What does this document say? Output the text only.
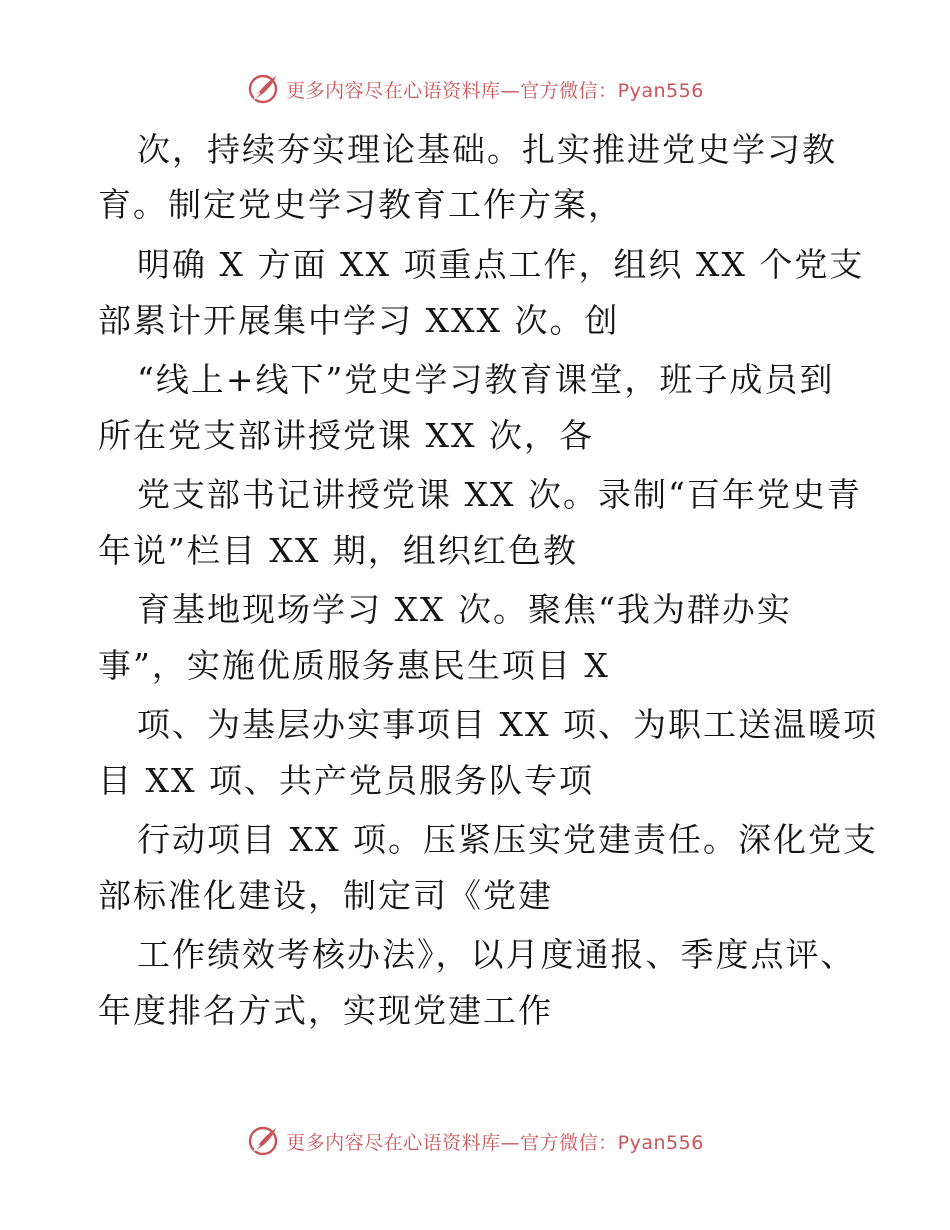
更多内容尽在心语资料库—官方微信：Pyan556
次，持续夯实理论基础。扎实推进党史学习教
育。制定党史学习教育工作方案，
明确 X 方面 XX 项重点工作，组织 XX 个党支
部累计开展集中学习 XXX 次。创
“线上+线下”党史学习教育课堂，班子成员到
所在党支部讲授党课 XX 次，各
党支部书记讲授党课 XX 次。录制“百年党史青
年说”栏目 XX 期，组织红色教
育基地现场学习 XX 次。聚焦“我为群办实
事”，实施优质服务惠民生项目 X
项、为基层办实事项目 XX 项、为职工送温暖项
目 XX 项、共产党员服务队专项
行动项目 XX 项。压紧压实党建责任。深化党支
部标准化建设，制定司《党建
工作绩效考核办法》，以月度通报、季度点评、
年度排名方式，实现党建工作
更多内容尽在心语资料库—官方微信：Pyan556
